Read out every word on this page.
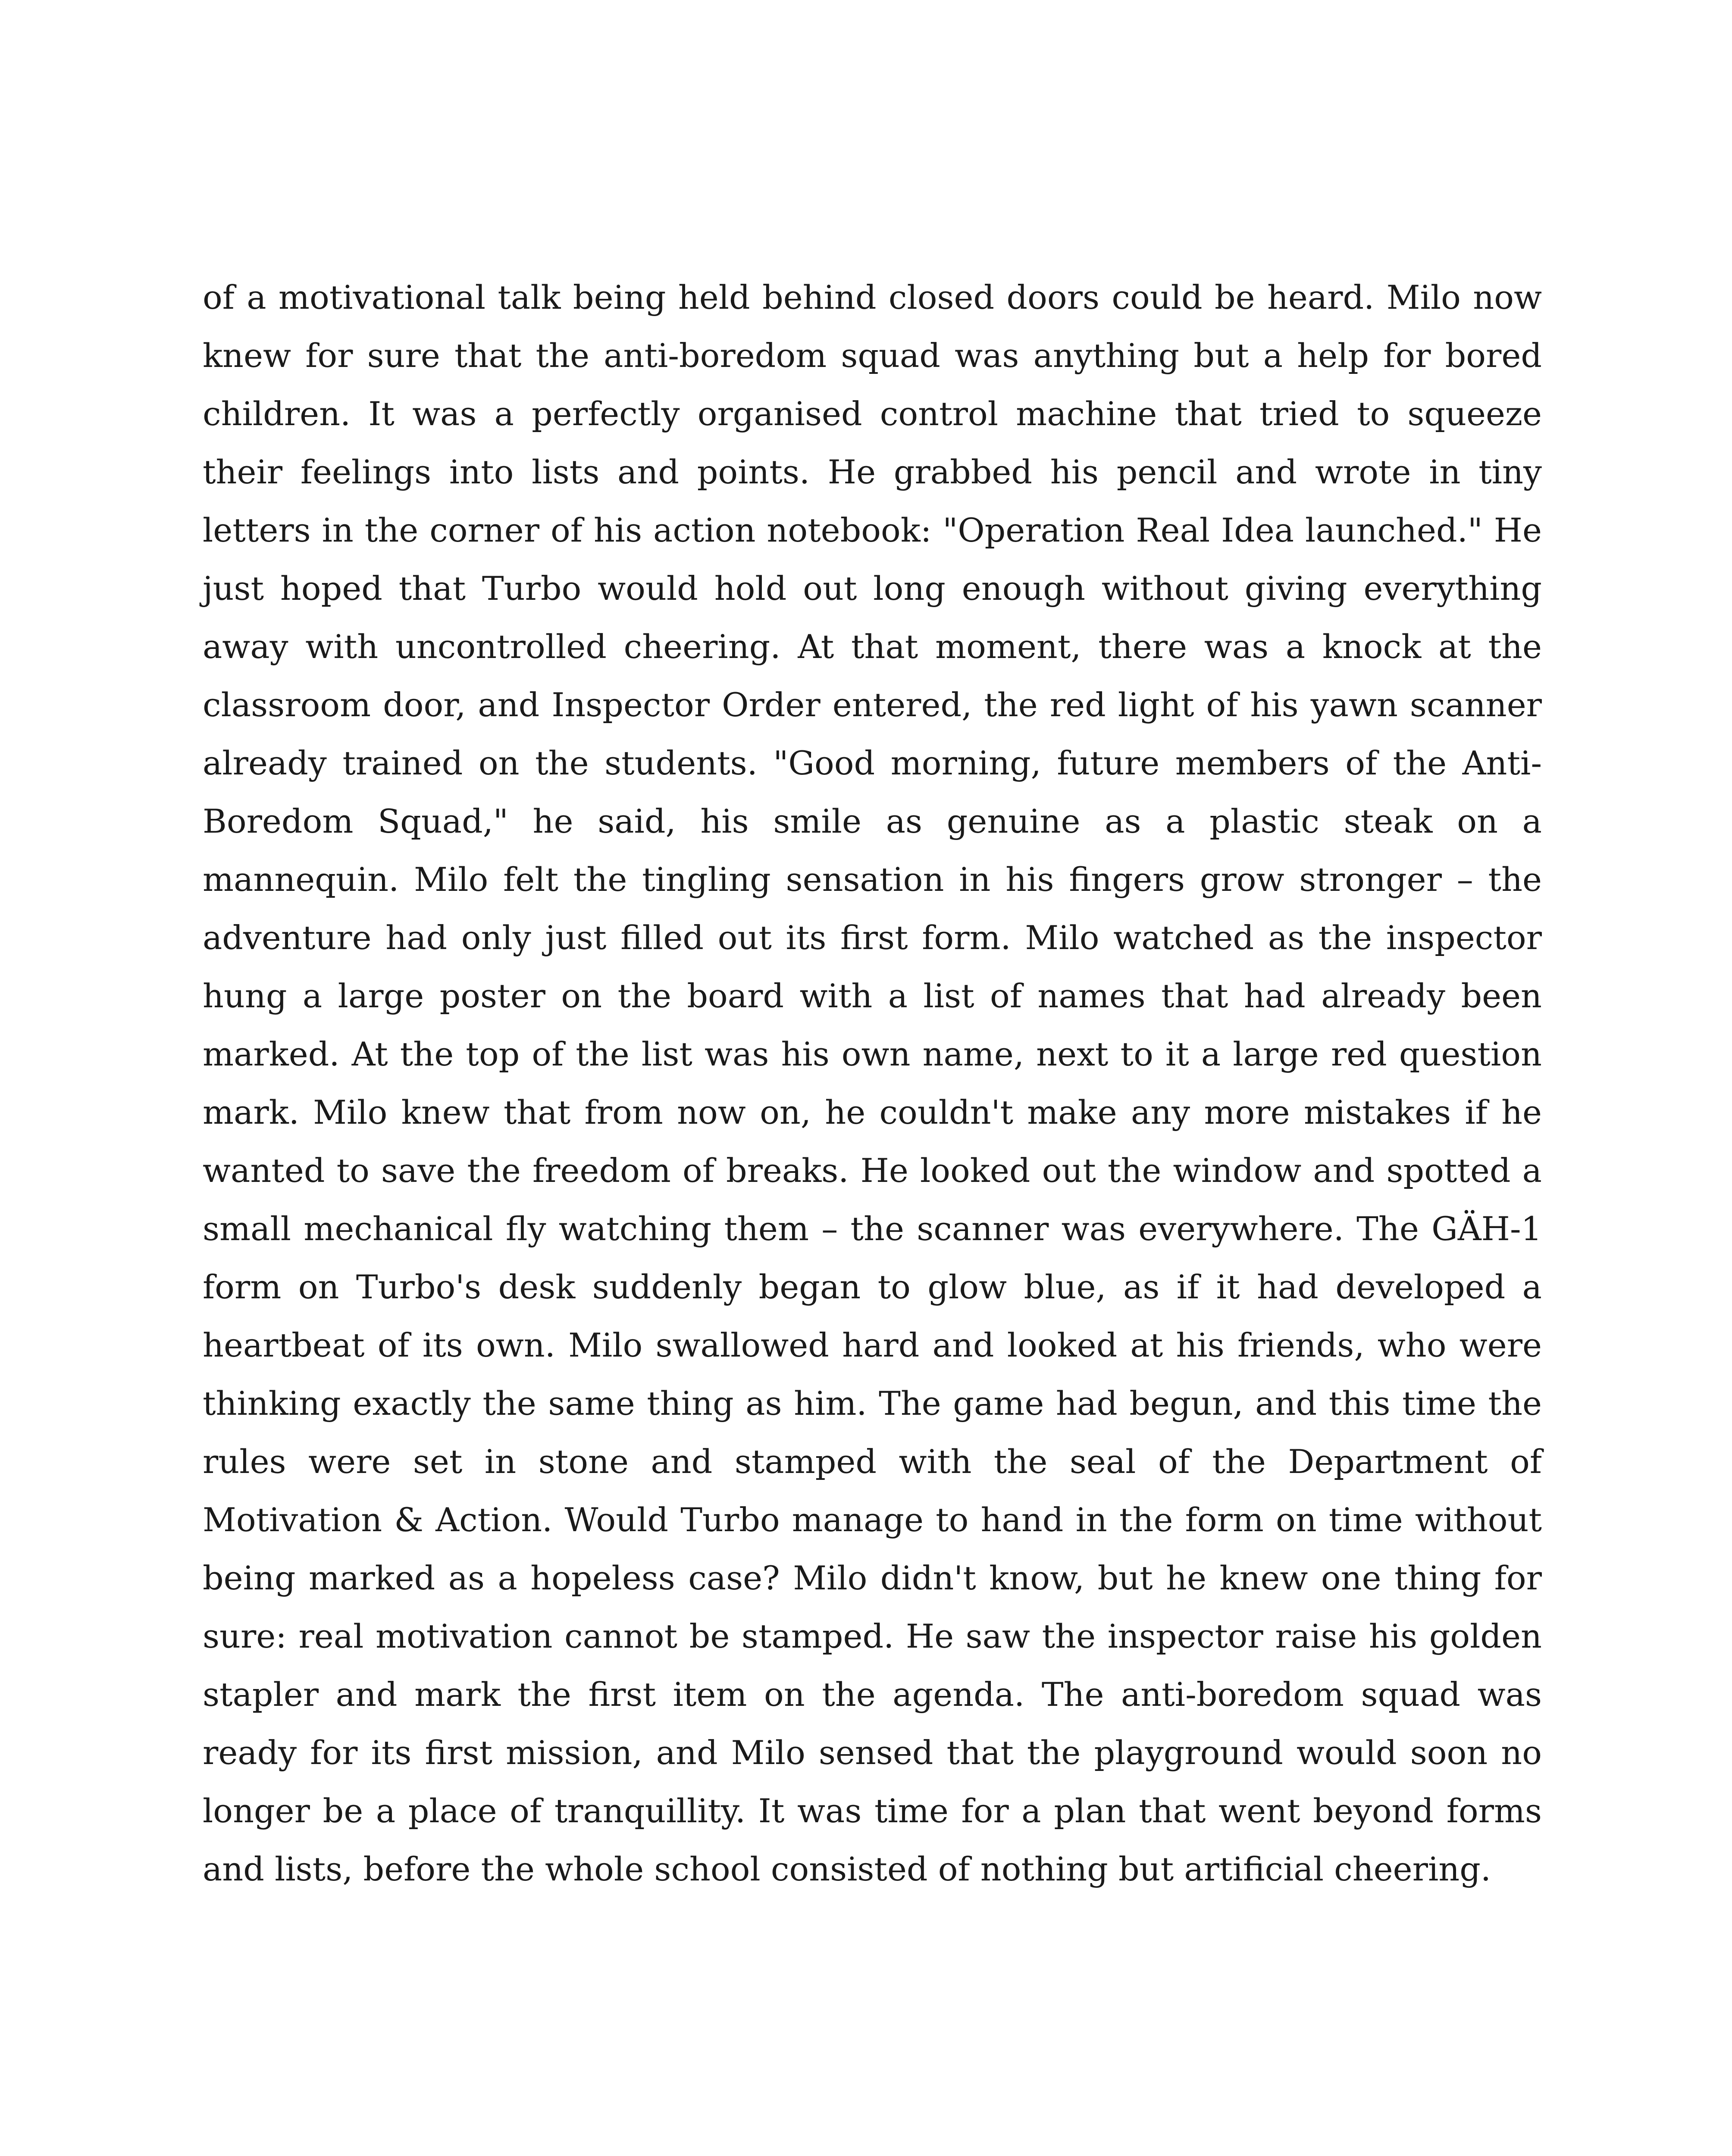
of a motivational talk being held behind closed doors could be heard. Milo now knew for sure that the anti-boredom squad was anything but a help for bored children. It was a perfectly organised control machine that tried to squeeze their feelings into lists and points. He grabbed his pencil and wrote in tiny letters in the corner of his action notebook: "Operation Real Idea launched." He just hoped that Turbo would hold out long enough without giving everything away with uncontrolled cheering. At that moment, there was a knock at the classroom door, and Inspector Order entered, the red light of his yawn scanner already trained on the students. "Good morning, future members of the Anti-Boredom Squad," he said, his smile as genuine as a plastic steak on a mannequin. Milo felt the tingling sensation in his fingers grow stronger – the adventure had only just filled out its first form. Milo watched as the inspector hung a large poster on the board with a list of names that had already been marked. At the top of the list was his own name, next to it a large red question mark. Milo knew that from now on, he couldn't make any more mistakes if he wanted to save the freedom of breaks. He looked out the window and spotted a small mechanical fly watching them – the scanner was everywhere. The GÄH-1 form on Turbo's desk suddenly began to glow blue, as if it had developed a heartbeat of its own. Milo swallowed hard and looked at his friends, who were thinking exactly the same thing as him. The game had begun, and this time the rules were set in stone and stamped with the seal of the Department of Motivation & Action. Would Turbo manage to hand in the form on time without being marked as a hopeless case? Milo didn't know, but he knew one thing for sure: real motivation cannot be stamped. He saw the inspector raise his golden stapler and mark the first item on the agenda. The anti-boredom squad was ready for its first mission, and Milo sensed that the playground would soon no longer be a place of tranquillity. It was time for a plan that went beyond forms and lists, before the whole school consisted of nothing but artificial cheering.
